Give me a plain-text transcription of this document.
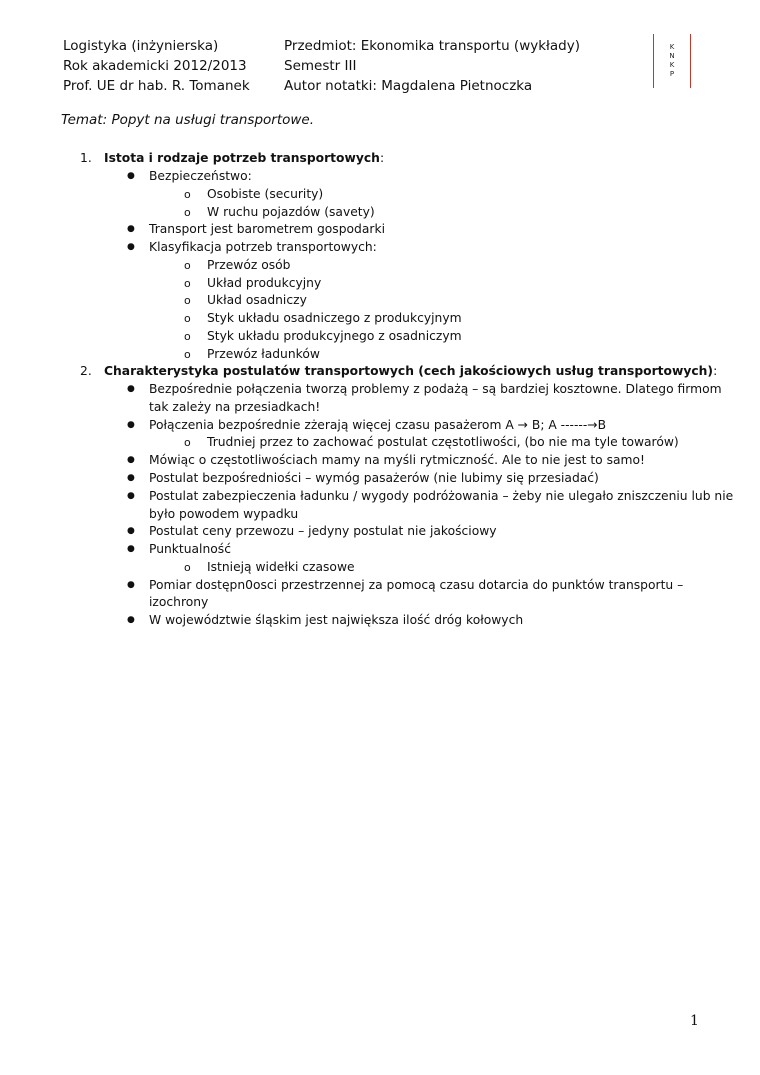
Logistyka (inżynierska)
Rok akademicki 2012/2013
Prof. UE dr hab. R. Tomanek
Przedmiot: Ekonomika transportu (wykłady)
Semestr III
Autor notatki: Magdalena Pietnoczka
K
N
K
P
Temat: Popyt na usługi transportowe.
1. Istota i rodzaje potrzeb transportowych:
● Bezpieczeństwo:
o Osobiste (security)
o W ruchu pojazdów (savety)
● Transport jest barometrem gospodarki
● Klasyfikacja potrzeb transportowych:
o Przewóz osób
o Układ produkcyjny
o Układ osadniczy
o Styk układu osadniczego z produkcyjnym
o Styk układu produkcyjnego z osadniczym
o Przewóz ładunków
2. Charakterystyka postulatów transportowych (cech jakościowych usług transportowych):
● Bezpośrednie połączenia tworzą problemy z podażą – są bardziej kosztowne. Dlatego firmom
tak zależy na przesiadkach!
● Połączenia bezpośrednie zżerają więcej czasu pasażerom A → B; A ------→B
o Trudniej przez to zachować postulat częstotliwości, (bo nie ma tyle towarów)
● Mówiąc o częstotliwościach mamy na myśli rytmiczność. Ale to nie jest to samo!
● Postulat bezpośredniości – wymóg pasażerów (nie lubimy się przesiadać)
● Postulat zabezpieczenia ładunku / wygody podróżowania – żeby nie ulegało zniszczeniu lub nie
było powodem wypadku
● Postulat ceny przewozu – jedyny postulat nie jakościowy
● Punktualność
o Istnieją widełki czasowe
● Pomiar dostępn0osci przestrzennej za pomocą czasu dotarcia do punktów transportu –
izochrony
● W województwie śląskim jest największa ilość dróg kołowych
1
